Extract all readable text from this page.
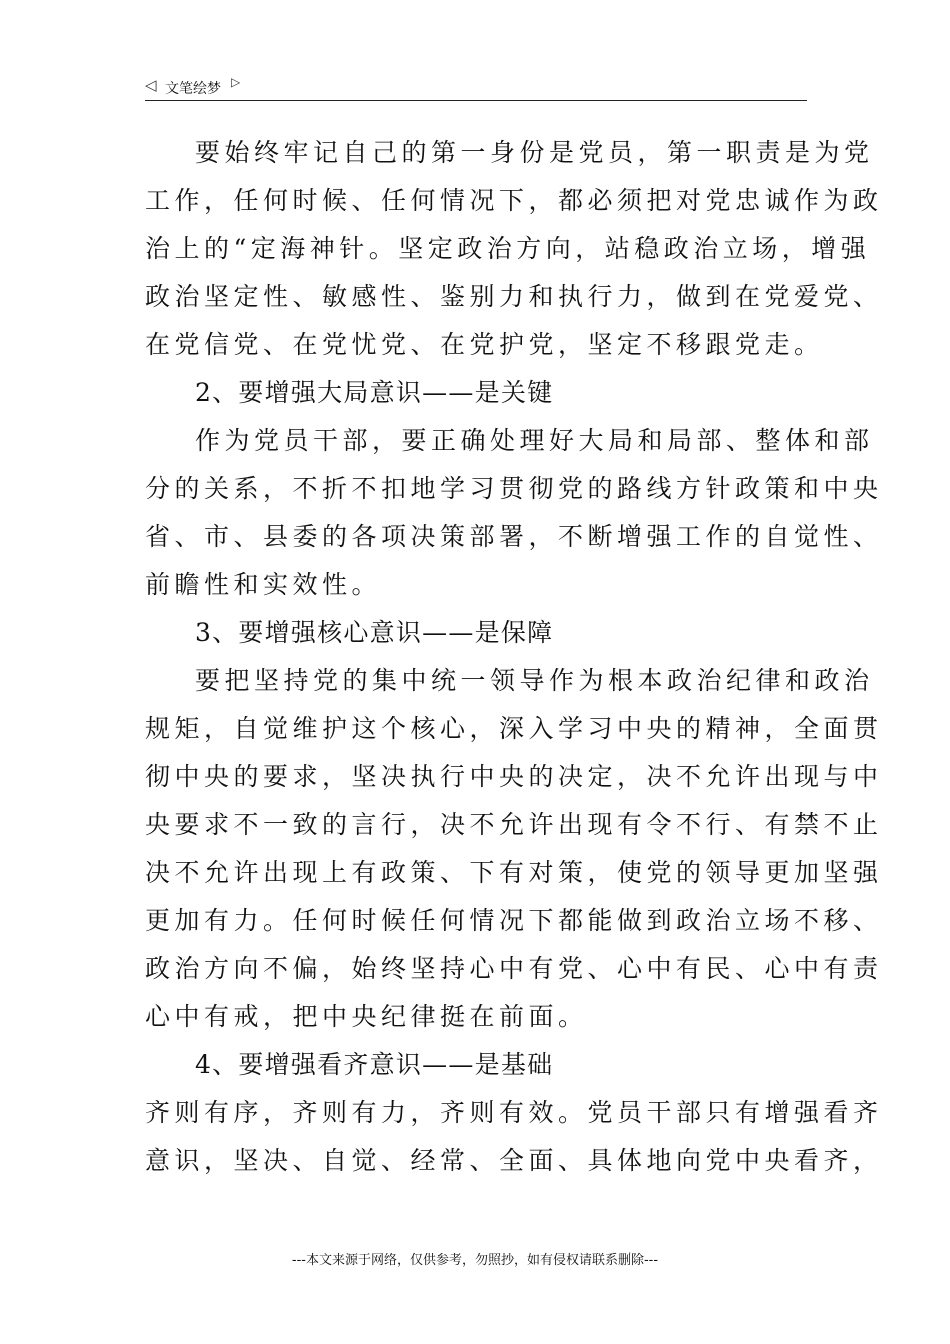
◁ 文笔绘梦 ▷
要始终牢记自己的第一身份是党员，第一职责是为党
工作，任何时候、任何情况下，都必须把对党忠诚作为政
治上的“定海神针。坚定政治方向，站稳政治立场，增强
政治坚定性、敏感性、鉴别力和执行力，做到在党爱党、
在党信党、在党忧党、在党护党，坚定不移跟党走。
2、要增强大局意识——是关键
作为党员干部，要正确处理好大局和局部、整体和部
分的关系，不折不扣地学习贯彻党的路线方针政策和中央
省、市、县委的各项决策部署，不断增强工作的自觉性、
前瞻性和实效性。
3、要增强核心意识——是保障
要把坚持党的集中统一领导作为根本政治纪律和政治
规矩，自觉维护这个核心，深入学习中央的精神，全面贯
彻中央的要求，坚决执行中央的决定，决不允许出现与中
央要求不一致的言行，决不允许出现有令不行、有禁不止
决不允许出现上有政策、下有对策，使党的领导更加坚强
更加有力。任何时候任何情况下都能做到政治立场不移、
政治方向不偏，始终坚持心中有党、心中有民、心中有责
心中有戒，把中央纪律挺在前面。
4、要增强看齐意识——是基础
齐则有序，齐则有力，齐则有效。党员干部只有增强看齐
意识，坚决、自觉、经常、全面、具体地向党中央看齐，
---本文来源于网络，仅供参考，勿照抄，如有侵权请联系删除---
